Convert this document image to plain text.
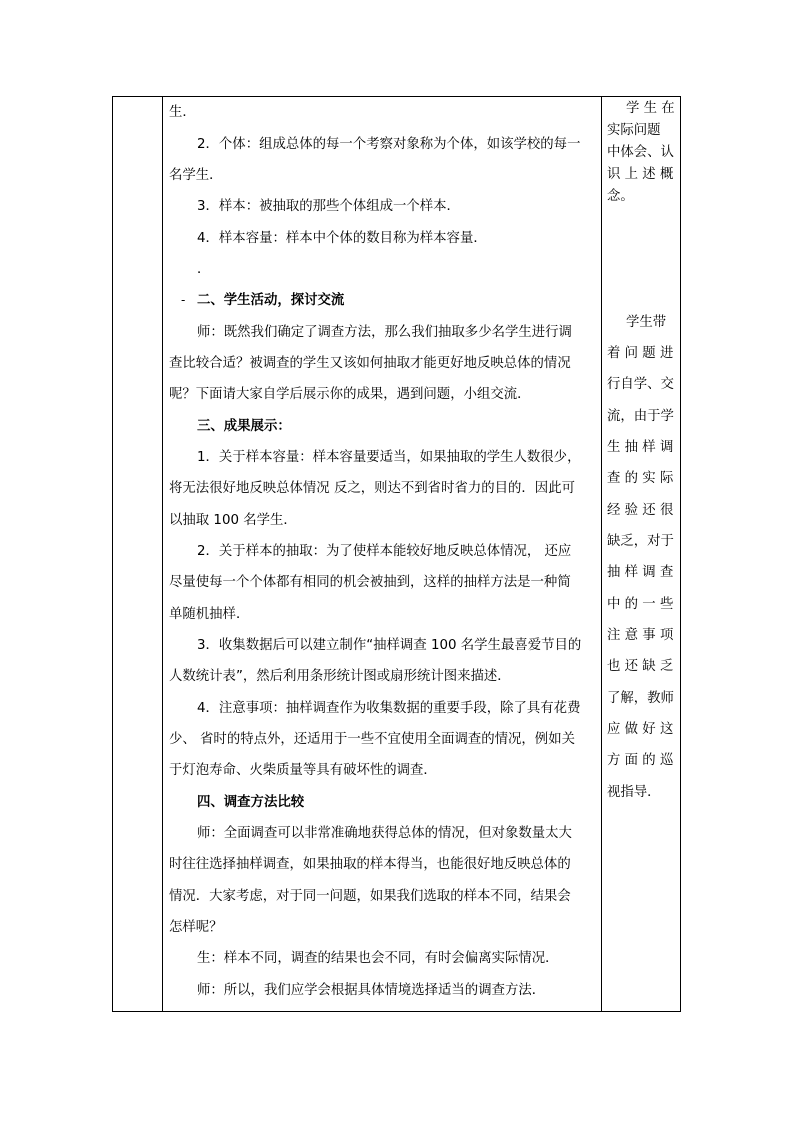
生．
2．个体：组成总体的每一个考察对象称为个体，如该学校的每一
名学生．
3．样本：被抽取的那些个体组成一个样本．
4．样本容量：样本中个体的数目称为样本容量．
．
- 二、学生活动，探讨交流
师：既然我们确定了调查方法，那么我们抽取多少名学生进行调
查比较合适？被调查的学生又该如何抽取才能更好地反映总体的情况
呢？下面请大家自学后展示你的成果，遇到问题，小组交流．
三、成果展示：
1．关于样本容量：样本容量要适当，如果抽取的学生人数很少，
将无法很好地反映总体情况 反之，则达不到省时省力的目的．因此可
以抽取 100 名学生．
2．关于样本的抽取：为了使样本能较好地反映总体情况， 还应
尽量使每一个个体都有相同的机会被抽到，这样的抽样方法是一种简
单随机抽样．
3．收集数据后可以建立制作“抽样调查 100 名学生最喜爱节目的
人数统计表”，然后利用条形统计图或扇形统计图来描述．
4．注意事项：抽样调查作为收集数据的重要手段，除了具有花费
少、 省时的特点外，还适用于一些不宜使用全面调查的情况，例如关
于灯泡寿命、火柴质量等具有破坏性的调查．
四、调查方法比较
师：全面调查可以非常准确地获得总体的情况，但对象数量太大
时往往选择抽样调查，如果抽取的样本得当，也能很好地反映总体的
情况．大家考虑，对于同一问题，如果我们选取的样本不同，结果会
怎样呢？
生：样本不同，调查的结果也会不同，有时会偏离实际情况．
师：所以，我们应学会根据具体情境选择适当的调查方法．
学 生 在
实际问题
中体会、认
识 上 述 概
念。
学生带
着 问 题 进
行自学、交
流，由于学
生 抽 样 调
查 的 实 际
经 验 还 很
缺乏，对于
抽 样 调 查
中 的 一 些
注 意 事 项
也 还 缺 乏
了解，教师
应 做 好 这
方 面 的 巡
视指导．
